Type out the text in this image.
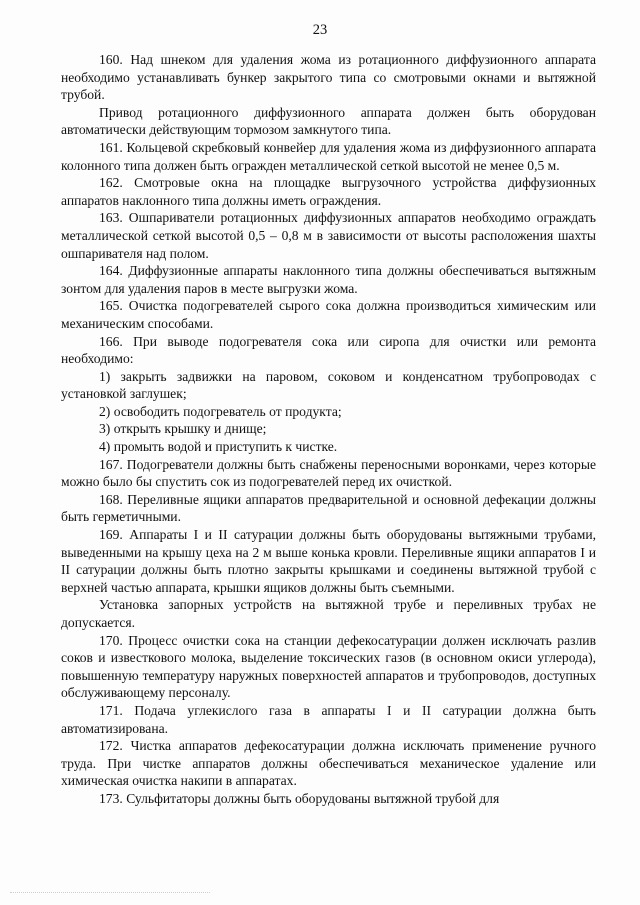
23

160. Над шнеком для удаления жома из ротационного диффузионного аппарата необходимо устанавливать бункер закрытого типа со смотровыми окнами и вытяжной трубой.

Привод ротационного диффузионного аппарата должен быть оборудован автоматически действующим тормозом замкнутого типа.

161. Кольцевой скребковый конвейер для удаления жома из диффузионного аппарата колонного типа должен быть огражден металлической сеткой высотой не менее 0,5 м.

162. Смотровые окна на площадке выгрузочного устройства диффузионных аппаратов наклонного типа должны иметь ограждения.

163. Ошпариватели ротационных диффузионных аппаратов необходимо ограждать металлической сеткой высотой 0,5 – 0,8 м в зависимости от высоты расположения шахты ошпаривателя над полом.

164. Диффузионные аппараты наклонного типа должны обеспечиваться вытяжным зонтом для удаления паров в месте выгрузки жома.

165. Очистка подогревателей сырого сока должна производиться химическим или механическим способами.

166. При выводе подогревателя сока или сиропа для очистки или ремонта необходимо:

1) закрыть задвижки на паровом, соковом и конденсатном трубопроводах с установкой заглушек;

2) освободить подогреватель от продукта;

3) открыть крышку и днище;

4) промыть водой и приступить к чистке.

167. Подогреватели должны быть снабжены переносными воронками, через которые можно было бы спустить сок из подогревателей перед их очисткой.

168. Переливные ящики аппаратов предварительной и основной дефекации должны быть герметичными.

169. Аппараты I и II сатурации должны быть оборудованы вытяжными трубами, выведенными на крышу цеха на 2 м выше конька кровли. Переливные ящики аппаратов I и II сатурации должны быть плотно закрыты крышками и соединены вытяжной трубой с верхней частью аппарата, крышки ящиков должны быть съемными.

Установка запорных устройств на вытяжной трубе и переливных трубах не допускается.

170. Процесс очистки сока на станции дефекосатурации должен исключать разлив соков и известкового молока, выделение токсических газов (в основном окиси углерода), повышенную температуру наружных поверхностей аппаратов и трубопроводов, доступных обслуживающему персоналу.

171. Подача углекислого газа в аппараты I и II сатурации должна быть автоматизирована.

172. Чистка аппаратов дефекосатурации должна исключать применение ручного труда. При чистке аппаратов должны обеспечиваться механическое удаление или химическая очистка накипи в аппаратах.

173. Сульфитаторы должны быть оборудованы вытяжной трубой для
